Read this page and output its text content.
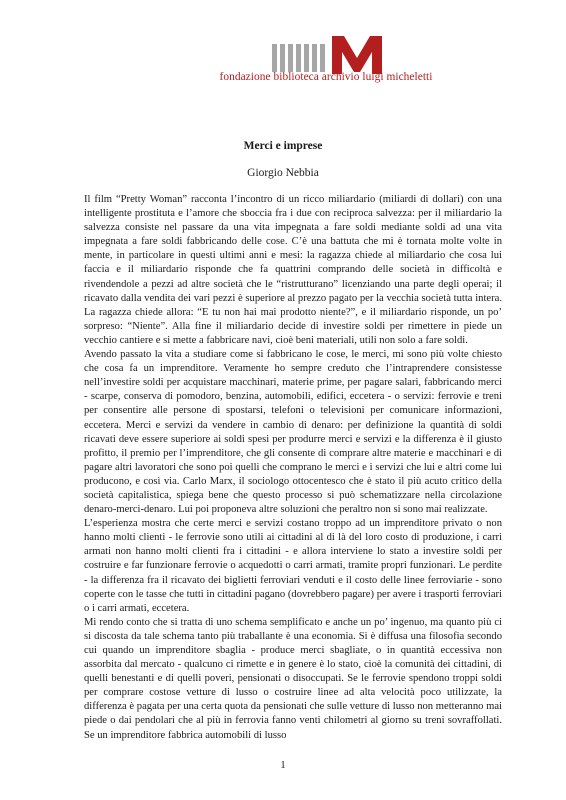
M
fondazione biblioteca archivio luigi micheletti
Merci e imprese
Giorgio Nebbia

Il film “Pretty Woman” racconta l’incontro di un ricco miliardario (miliardi di dollari) con una intelligente prostituta e l’amore che sboccia fra i due con reciproca salvezza: per il miliardario la salvezza consiste nel passare da una vita impegnata a fare soldi mediante soldi ad una vita impegnata a fare soldi fabbricando delle cose. C’è una battuta che mi è tornata molte volte in mente, in particolare in questi ultimi anni e mesi: la ragazza chiede al miliardario che cosa lui faccia e il miliardario risponde che fa quattrini comprando delle società in difficoltà e rivendendole a pezzi ad altre società che le “ristrutturano” licenziando una parte degli operai; il ricavato dalla vendita dei vari pezzi è superiore al prezzo pagato per la vecchia società tutta intera. La ragazza chiede allora: “E tu non hai mai prodotto niente?”, e il miliardario risponde, un po’ sorpreso: “Niente”. Alla fine il miliardario decide di investire soldi per rimettere in piede un vecchio cantiere e si mette a fabbricare navi, cioè beni materiali, utili non solo a fare soldi.

Avendo passato la vita a studiare come si fabbricano le cose, le merci, mi sono più volte chiesto che cosa fa un imprenditore. Veramente ho sempre creduto che l’intraprendere consistesse nell’investire soldi per acquistare macchinari, materie prime, per pagare salari, fabbricando merci - scarpe, conserva di pomodoro, benzina, automobili, edifici, eccetera - o servizi: ferrovie e treni per consentire alle persone di spostarsi, telefoni o televisioni per comunicare informazioni, eccetera. Merci e servizi da vendere in cambio di denaro: per definizione la quantità di soldi ricavati deve essere superiore ai soldi spesi per produrre merci e servizi e la differenza è il giusto profitto, il premio per l’imprenditore, che gli consente di comprare altre materie e macchinari e di pagare altri lavoratori che sono poi quelli che comprano le merci e i servizi che lui e altri come lui producono, e così via. Carlo Marx, il sociologo ottocentesco che è stato il più acuto critico della società capitalistica, spiega bene che questo processo si può schematizzare nella circolazione denaro-merci-denaro. Lui poi proponeva altre soluzioni che peraltro non si sono mai realizzate.

L’esperienza mostra che certe merci e servizi costano troppo ad un imprenditore privato o non hanno molti clienti - le ferrovie sono utili ai cittadini al di là del loro costo di produzione, i carri armati non hanno molti clienti fra i cittadini - e allora interviene lo stato a investire soldi per costruire e far funzionare ferrovie o acquedotti o carri armati, tramite propri funzionari. Le perdite - la differenza fra il ricavato dei biglietti ferroviari venduti e il costo delle linee ferroviarie - sono coperte con le tasse che tutti in cittadini pagano (dovrebbero pagare) per avere i trasporti ferroviari o i carri armati, eccetera.

Mi rendo conto che si tratta di uno schema semplificato e anche un po’ ingenuo, ma quanto più ci si discosta da tale schema tanto più traballante è una economia. Si è diffusa una filosofia secondo cui quando un imprenditore sbaglia - produce merci sbagliate, o in quantità eccessiva non assorbita dal mercato - qualcuno ci rimette e in genere è lo stato, cioè la comunità dei cittadini, di quelli benestanti e di quelli poveri, pensionati o disoccupati. Se le ferrovie spendono troppi soldi per comprare costose vetture di lusso o costruire linee ad alta velocità poco utilizzate, la differenza è pagata per una certa quota da pensionati che sulle vetture di lusso non metteranno mai piede o dai pendolari che al più in ferrovia fanno venti chilometri al giorno su treni sovraffollati. Se un imprenditore fabbrica automobili di lusso

1
